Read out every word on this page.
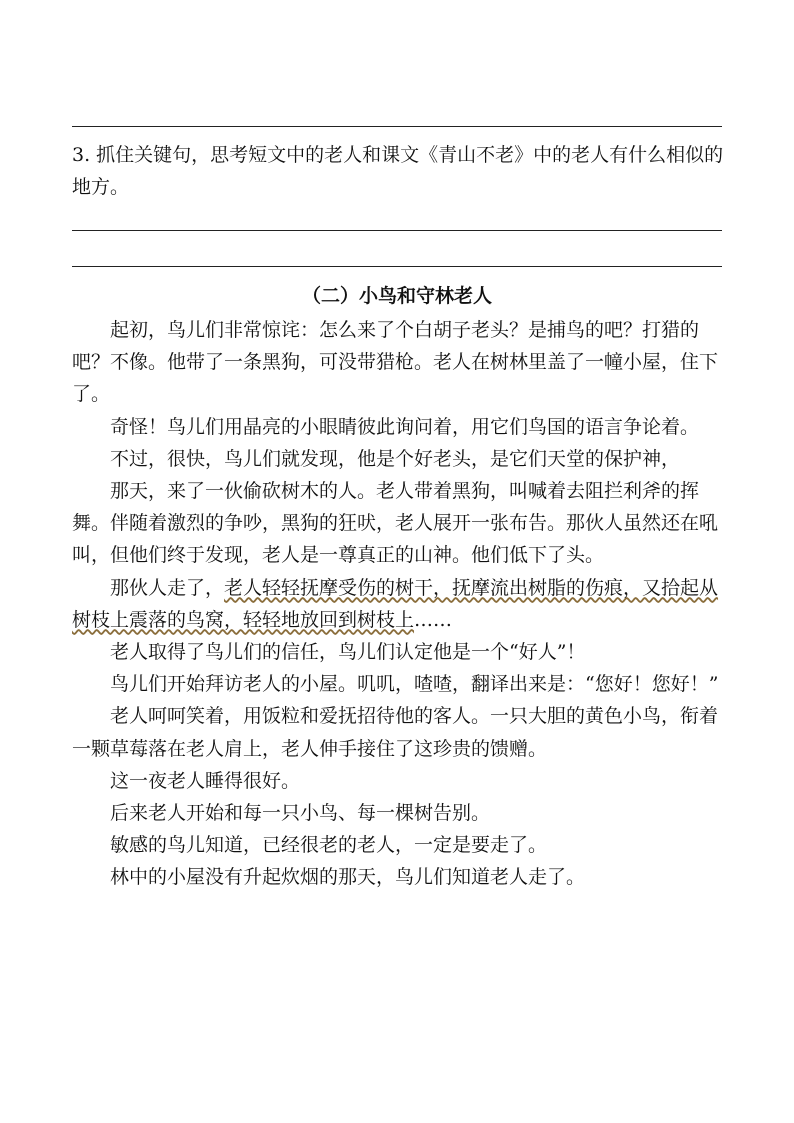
3. 抓住关键句，思考短文中的老人和课文《青山不老》中的老人有什么相似的地方。
（二）小鸟和守林老人

起初，鸟儿们非常惊诧：怎么来了个白胡子老头？是捕鸟的吧？打猎的吧？不像。他带了一条黑狗，可没带猎枪。老人在树林里盖了一幢小屋，住下了。

奇怪！鸟儿们用晶亮的小眼睛彼此询问着，用它们鸟国的语言争论着。

不过，很快，鸟儿们就发现，他是个好老头，是它们天堂的保护神，

那天，来了一伙偷砍树木的人。老人带着黑狗，叫喊着去阻拦利斧的挥舞。伴随着激烈的争吵，黑狗的狂吠，老人展开一张布告。那伙人虽然还在吼叫，但他们终于发现，老人是一尊真正的山神。他们低下了头。

那伙人走了，老人轻轻抚摩受伤的树干，抚摩流出树脂的伤痕，又拾起从树枝上震落的鸟窝，轻轻地放回到树枝上……

老人取得了鸟儿们的信任，鸟儿们认定他是一个“好人”！

鸟儿们开始拜访老人的小屋。叽叽，喳喳，翻译出来是：“您好！您好！”

老人呵呵笑着，用饭粒和爱抚招待他的客人。一只大胆的黄色小鸟，衔着一颗草莓落在老人肩上，老人伸手接住了这珍贵的馈赠。

这一夜老人睡得很好。

后来老人开始和每一只小鸟、每一棵树告别。

敏感的鸟儿知道，已经很老的老人，一定是要走了。

林中的小屋没有升起炊烟的那天，鸟儿们知道老人走了。
